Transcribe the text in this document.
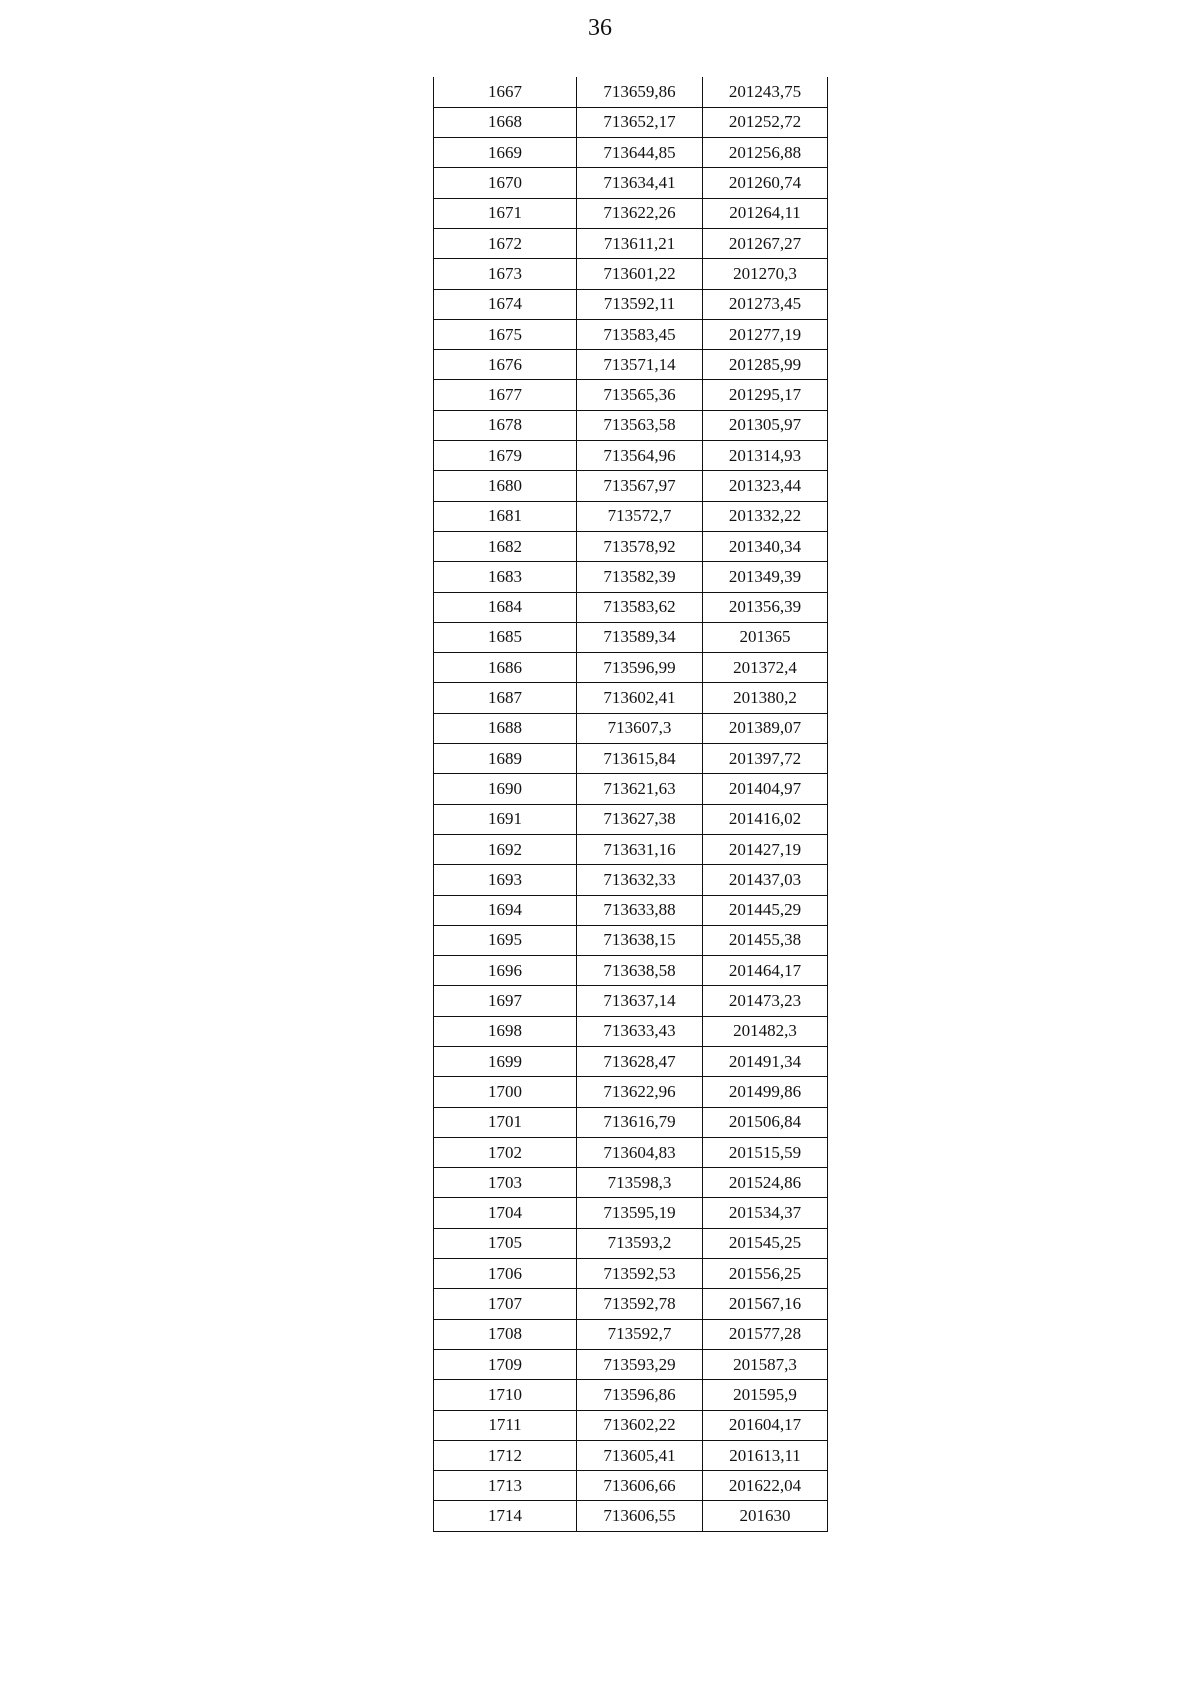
36
1667	713659,86	201243,75
1668	713652,17	201252,72
1669	713644,85	201256,88
1670	713634,41	201260,74
1671	713622,26	201264,11
1672	713611,21	201267,27
1673	713601,22	201270,3
1674	713592,11	201273,45
1675	713583,45	201277,19
1676	713571,14	201285,99
1677	713565,36	201295,17
1678	713563,58	201305,97
1679	713564,96	201314,93
1680	713567,97	201323,44
1681	713572,7	201332,22
1682	713578,92	201340,34
1683	713582,39	201349,39
1684	713583,62	201356,39
1685	713589,34	201365
1686	713596,99	201372,4
1687	713602,41	201380,2
1688	713607,3	201389,07
1689	713615,84	201397,72
1690	713621,63	201404,97
1691	713627,38	201416,02
1692	713631,16	201427,19
1693	713632,33	201437,03
1694	713633,88	201445,29
1695	713638,15	201455,38
1696	713638,58	201464,17
1697	713637,14	201473,23
1698	713633,43	201482,3
1699	713628,47	201491,34
1700	713622,96	201499,86
1701	713616,79	201506,84
1702	713604,83	201515,59
1703	713598,3	201524,86
1704	713595,19	201534,37
1705	713593,2	201545,25
1706	713592,53	201556,25
1707	713592,78	201567,16
1708	713592,7	201577,28
1709	713593,29	201587,3
1710	713596,86	201595,9
1711	713602,22	201604,17
1712	713605,41	201613,11
1713	713606,66	201622,04
1714	713606,55	201630
